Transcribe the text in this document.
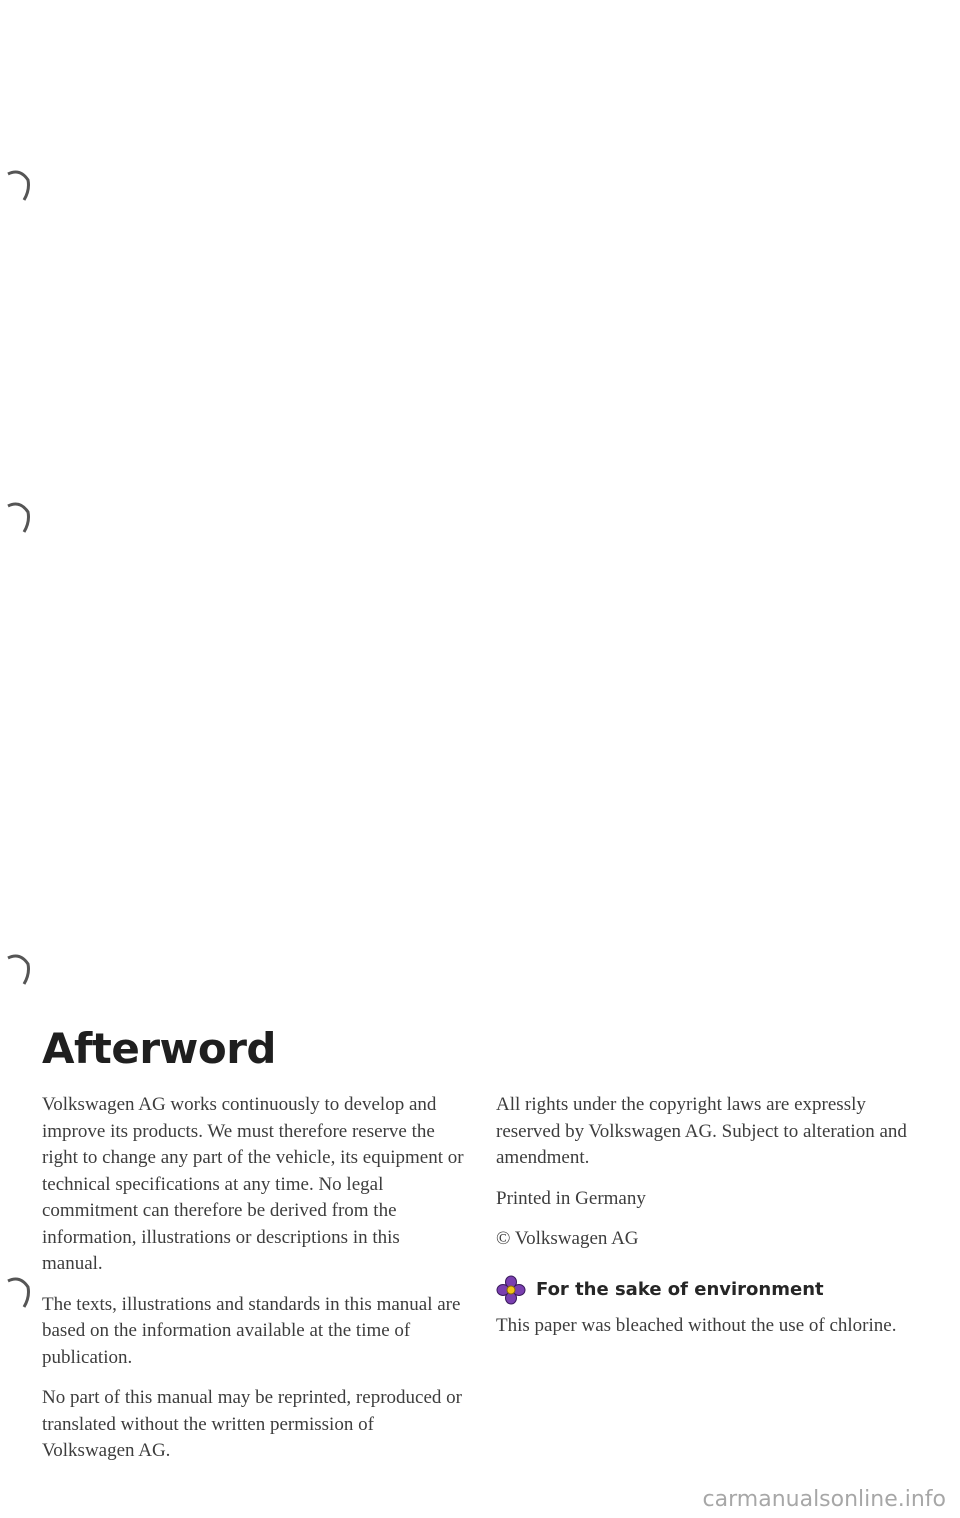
Afterword

Volkswagen AG works continuously to develop and improve its products. We must therefore reserve the right to change any part of the vehicle, its equipment or technical specifications at any time. No legal commitment can therefore be derived from the information, illustrations or descriptions in this manual.

The texts, illustrations and standards in this manual are based on the information available at the time of publication.

No part of this manual may be reprinted, reproduced or translated without the written permission of Volkswagen AG.

All rights under the copyright laws are expressly reserved by Volkswagen AG. Subject to alteration and amendment.

Printed in Germany

© Volkswagen AG

For the sake of environment

This paper was bleached without the use of chlorine.

carmanualsonline.info
